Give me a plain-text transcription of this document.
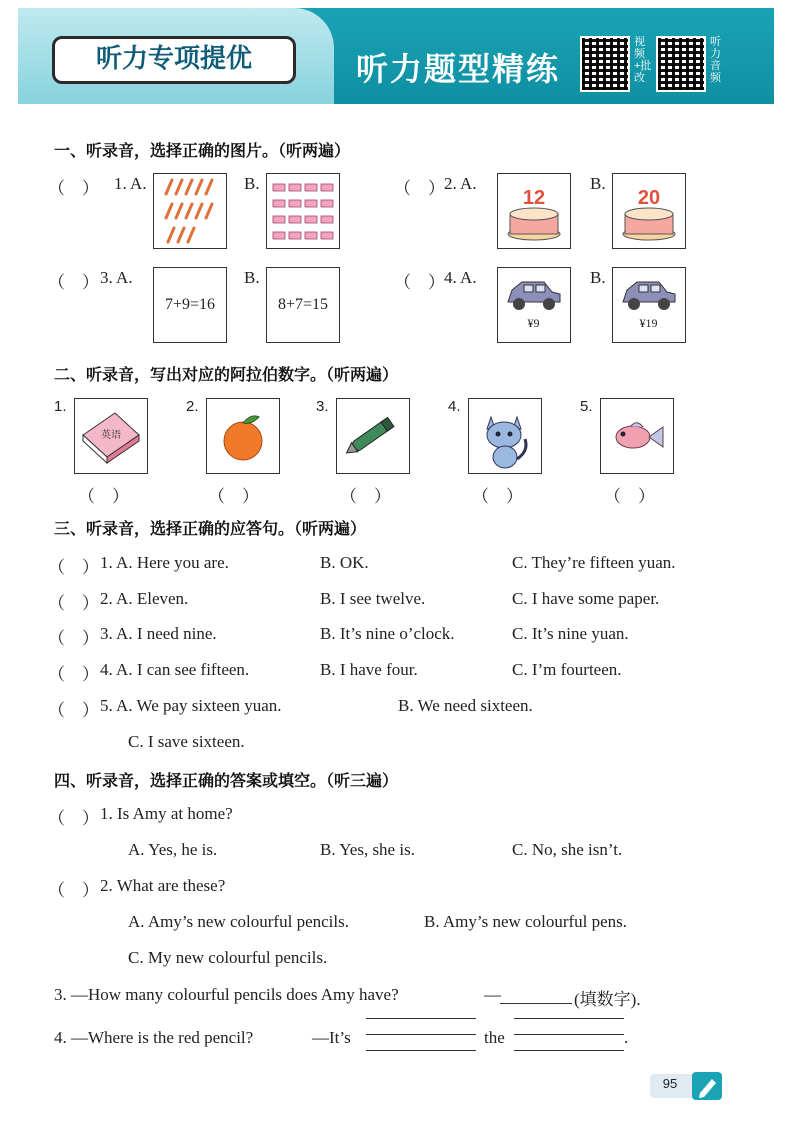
听力专项提优	听力题型精练
视频+批改
听力音频
一、听录音，选择正确的图片。（听两遍）
（　） 1. A.	B.	（　） 2. A.
12
B.
20
（　） 3. A.
7+9=16
B.
8+7=15
（　） 4. A.
¥9
B.
¥19
二、听录音，写出对应的阿拉伯数字。（听两遍）
1.
英语
（　）
2.
（　）
3.
（　）
4.
（　）
5.
（　）
三、听录音，选择正确的应答句。（听两遍）
（　） 1. A. Here you are.	B. OK.	C. They’re fifteen yuan.
（　） 2. A. Eleven.	B. I see twelve.	C. I have some paper.
（　） 3. A. I need nine.	B. It’s nine o’clock.	C. It’s nine yuan.
（　） 4. A. I can see fifteen.	B. I have four.	C. I’m fourteen.
（　） 5. A. We pay sixteen yuan.	B. We need sixteen.
C. I save sixteen.
四、听录音，选择正确的答案或填空。（听三遍）
（　） 1. Is Amy at home?
A. Yes, he is.	B. Yes, she is.	C. No, she isn’t.
（　） 2. What are these?
A. Amy’s new colourful pencils.	B. Amy’s new colourful pens.
C. My new colourful pencils.
3. —How many colourful pencils does Amy have?	—	(填数字).
4. —Where is the red pencil?	—It’s	the	.
95
